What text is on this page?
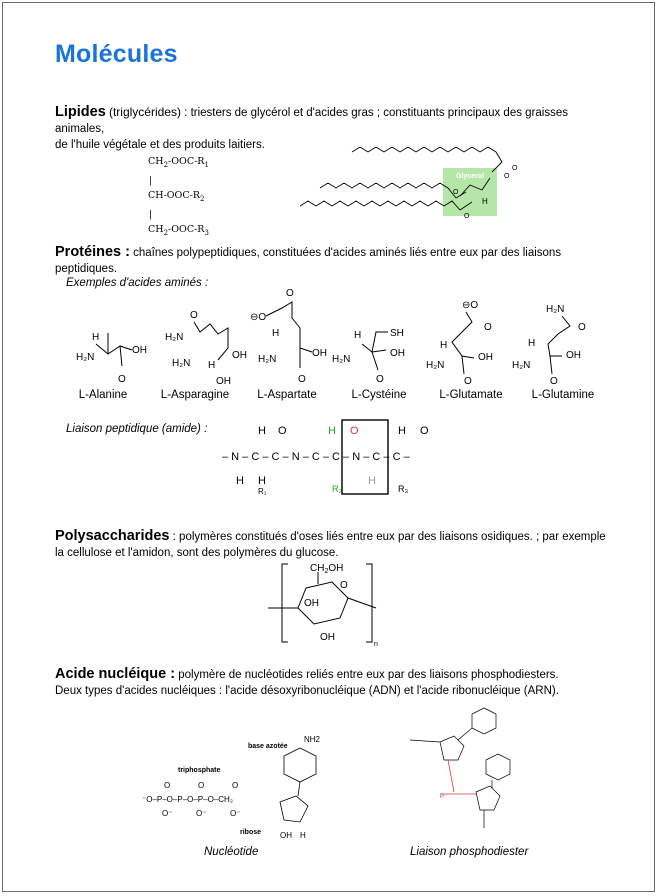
Molécules
Lipides (triglycérides) : triesters de glycérol et d'acides gras ; constituants principaux des graisses animales,
de l'huile végétale et des produits laitiers.
$CH_2-OOC-R_1$
|
$CH-OOC-R_2$
|
$CH_2-OOC-R_3$
O
O
O
O
Glycerol
H
Protéines : chaînes polypeptidiques, constituées d'acides aminés liés entre eux par des liaisons peptidiques.
Exemples d'acides aminés :
H
H₂N
OH
O
H₂N
H₂N H
OH
OH
O	⊖O
O
H
H₂N
OH
O
SH
H
H₂N
OH
O
⊖O
O
H
H₂N
OH
O
H₂N
O
H
H₂N
OH
O
L-Alanine	L-Asparagine	L-Aspartate	L-Cystéine	L-Glutamate	L-Glutamine
Liaison peptidique (amide) :
– N – C – C – N – C – C – N – C – C –
H O
H
R₁
H
R₂
O
H
H O
R₃
H
Polysaccharides : polymères constitués d'oses liés entre eux par des liaisons osidiques. ; par exemple
la cellulose et l'amidon, sont des polymères du glucose.
$CH_2OH$
O
OH
OH
n
Acide nucléique : polymère de nucléotides reliés entre eux par des liaisons phosphodiesters.
Deux types d'acides nucléiques : l'acide désoxyribonucléique (ADN) et l'acide ribonucléique (ARN).
base azotée
triphosphate
ribose
NH2
⁻O–P–O–P–O–P–O–CH₂
O	O	O
O⁻	O⁻	O⁻
OH H
P
Nucléotide	Liaison phosphodiester
